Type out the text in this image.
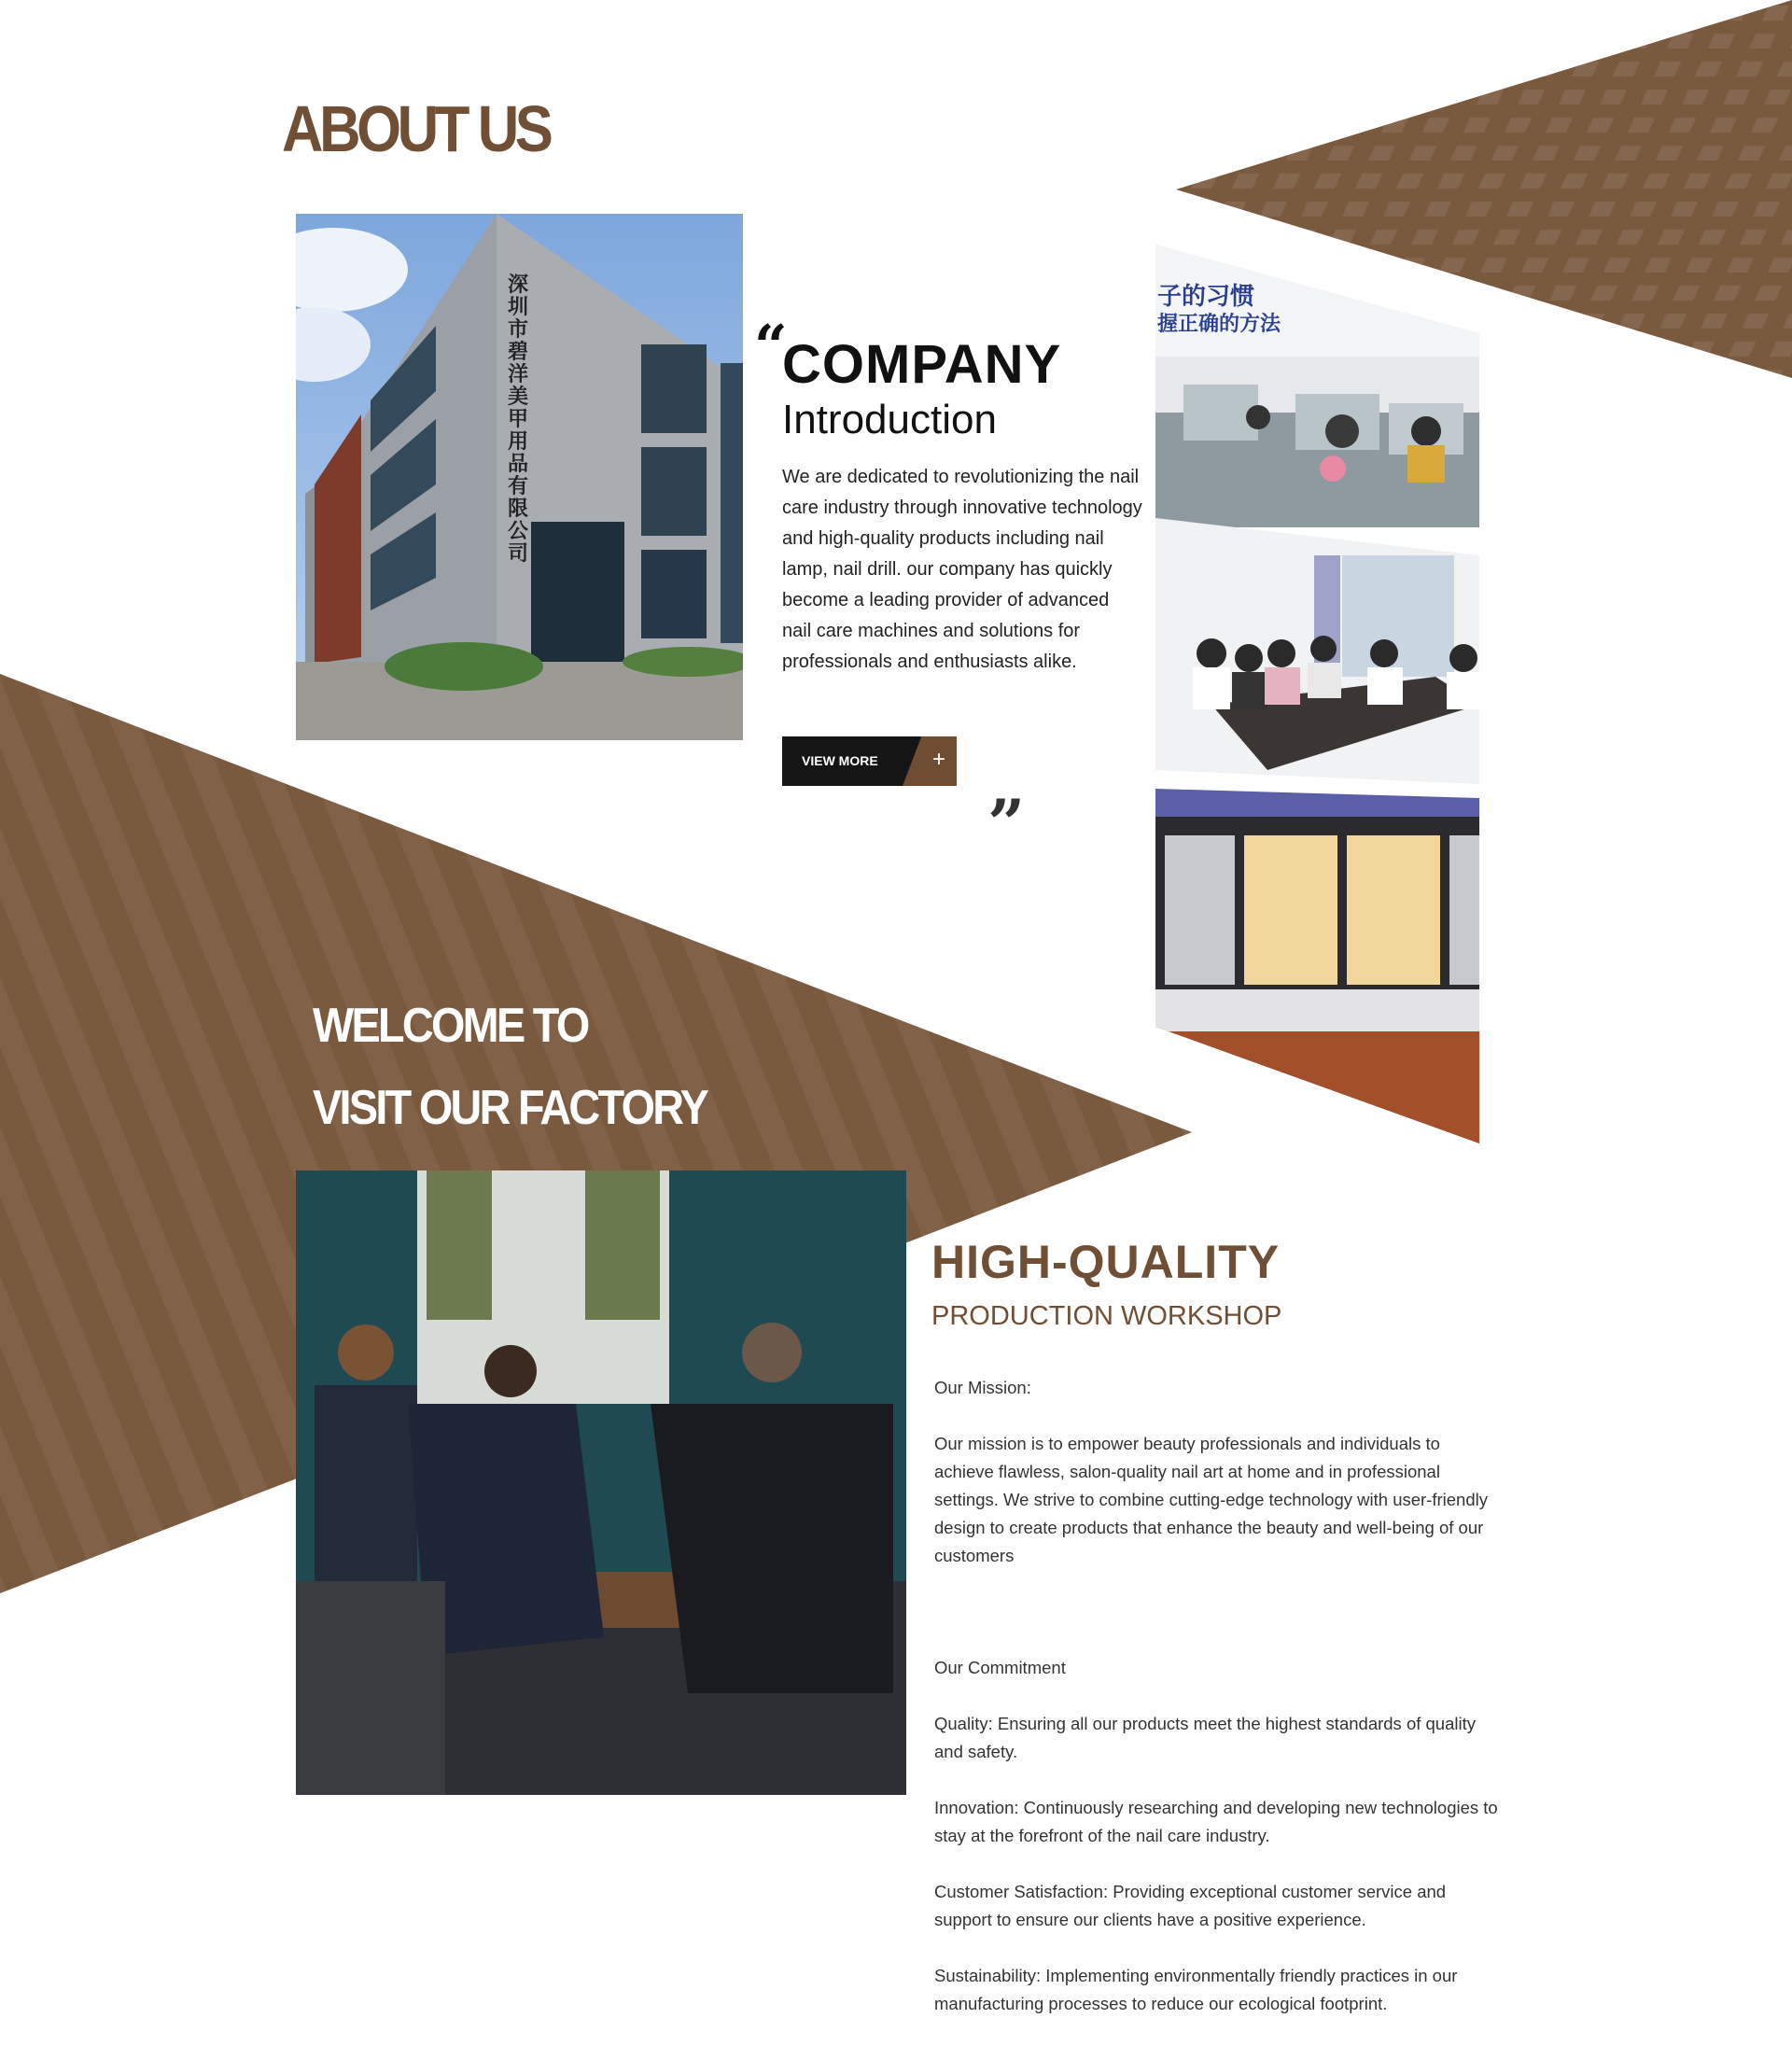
ABOUT US
深圳市碧洋美甲用品有限公司
“
COMPANY
Introduction

We are dedicated to revolutionizing the nail care industry through innovative technology and high-quality products including nail lamp, nail drill. our company has quickly become a leading provider of advanced nail care machines and solutions for professionals and enthusiasts alike.

VIEW MORE +
”
子的习惯
握正确的方法
WELCOME TO
VISIT OUR FACTORY
HIGH-QUALITY
PRODUCTION WORKSHOP

Our Mission:

Our mission is to empower beauty professionals and individuals to achieve flawless, salon-quality nail art at home and in professional settings. We strive to combine cutting-edge technology with user-friendly design to create products that enhance the beauty and well-being of our customers

Our Commitment

Quality: Ensuring all our products meet the highest standards of quality and safety.

Innovation: Continuously researching and developing new technologies to stay at the forefront of the nail care industry.

Customer Satisfaction: Providing exceptional customer service and support to ensure our clients have a positive experience.

Sustainability: Implementing environmentally friendly practices in our manufacturing processes to reduce our ecological footprint.
